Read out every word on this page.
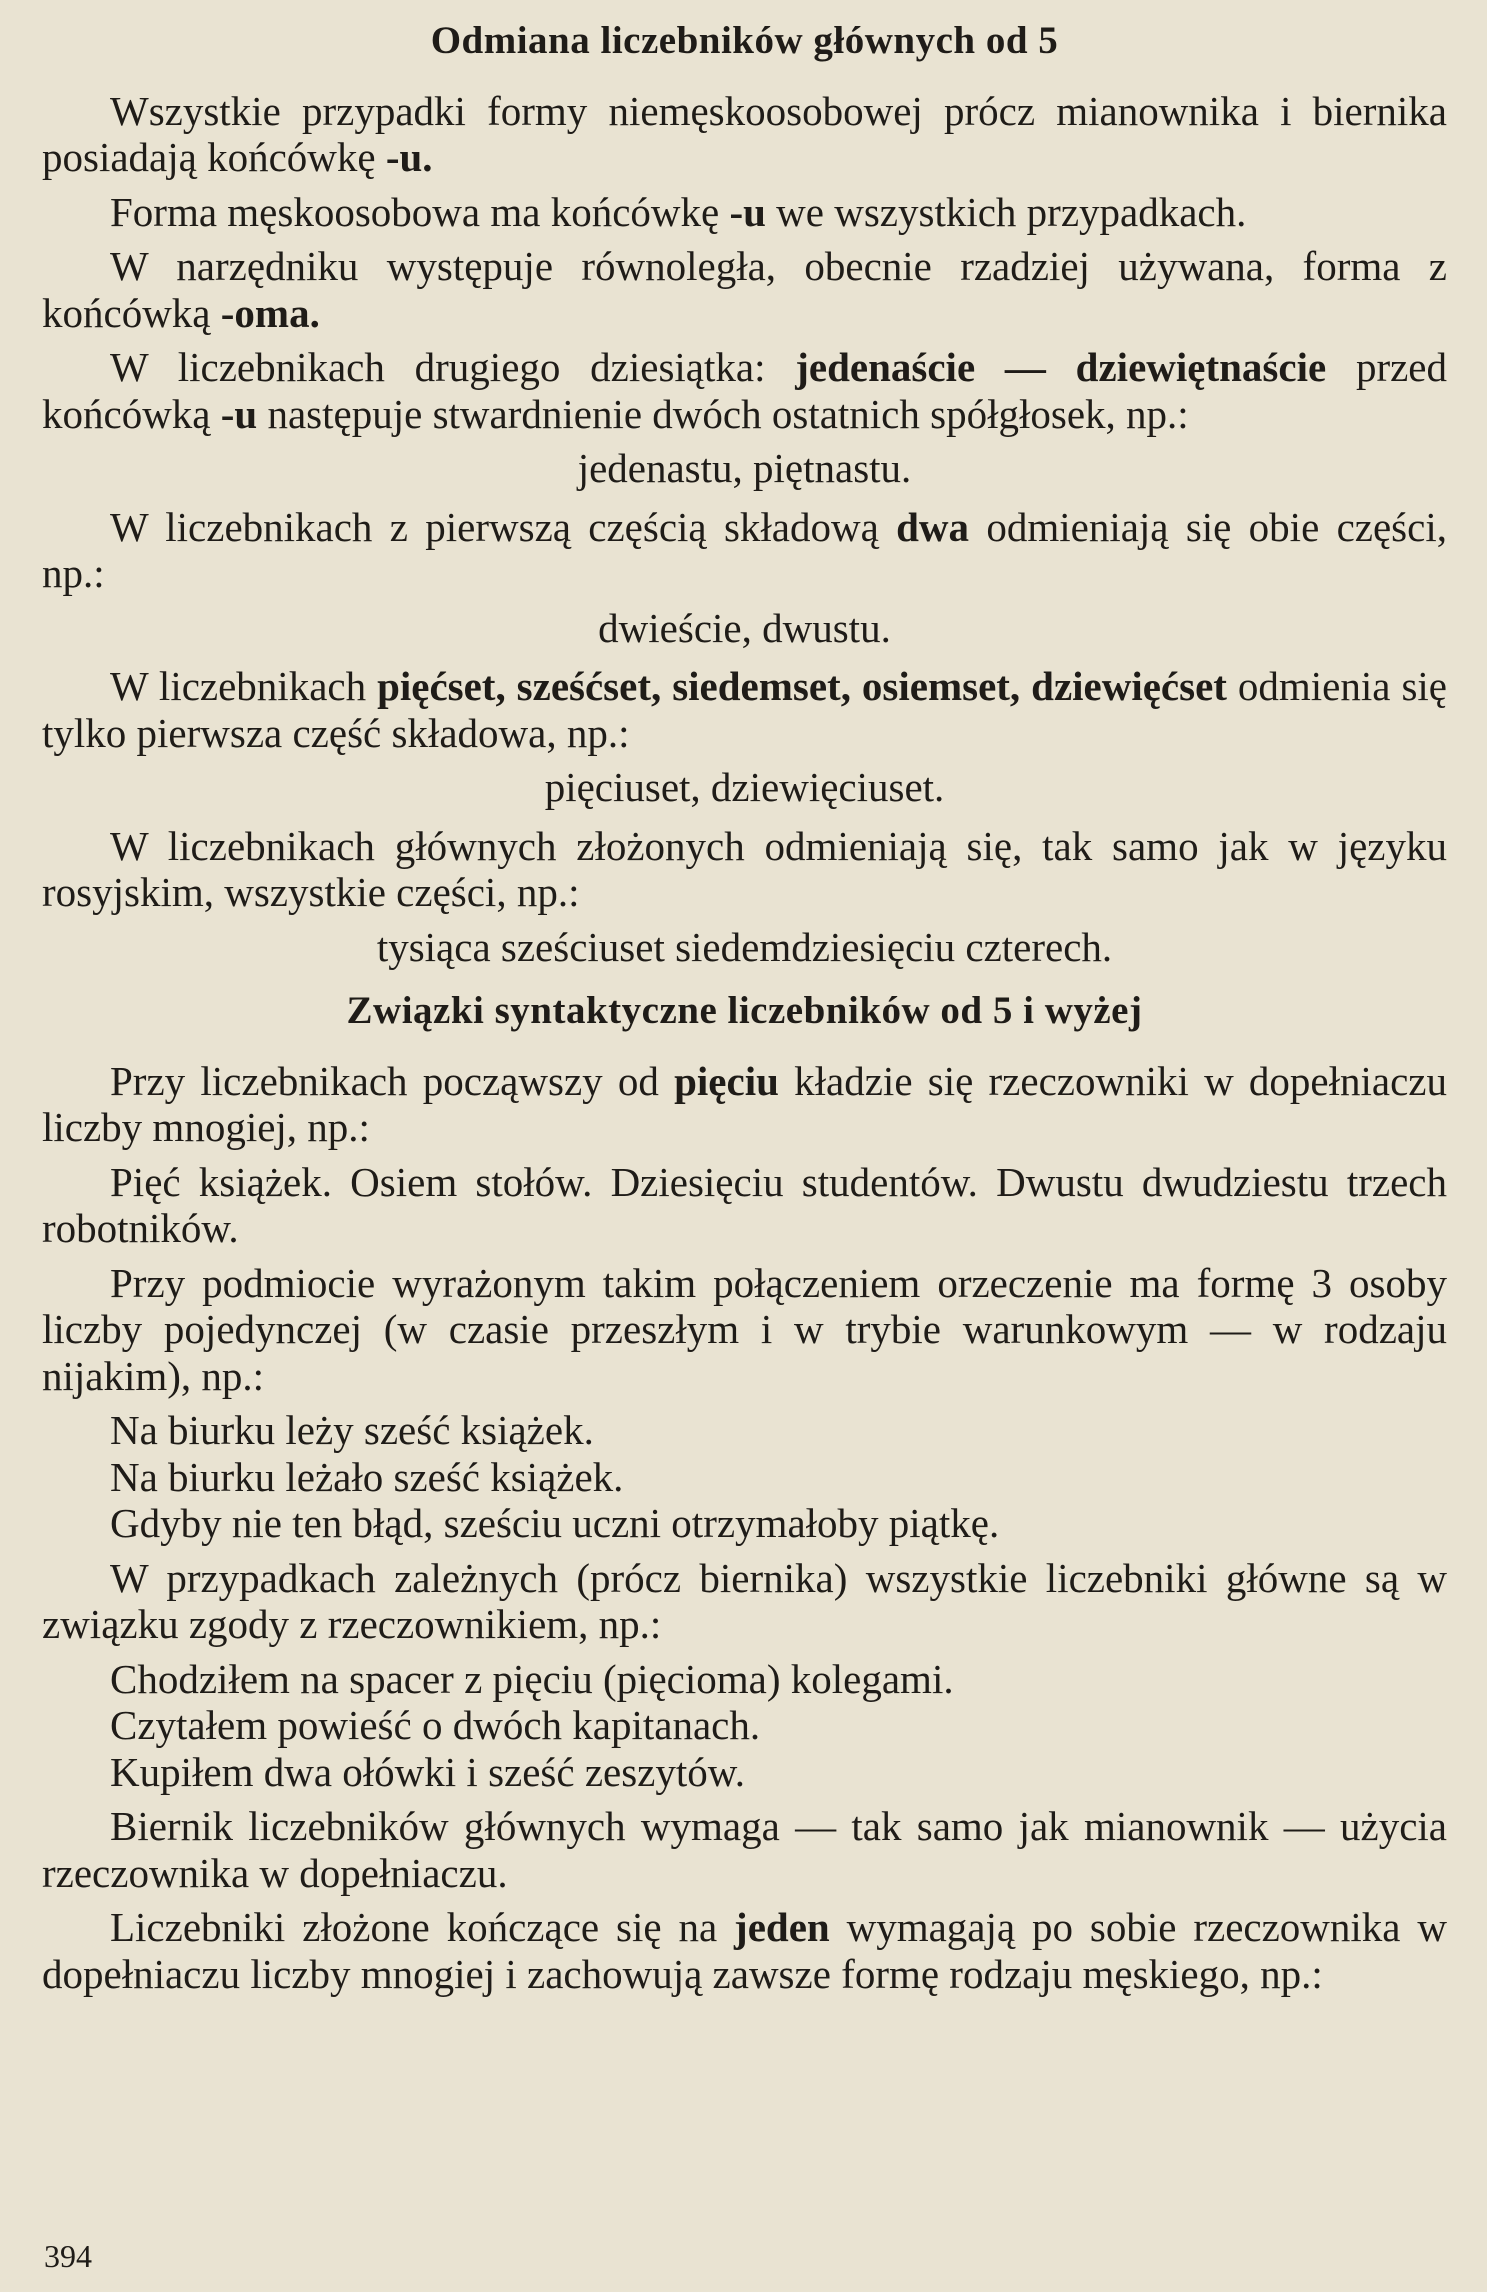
Odmiana liczebników głównych od 5

Wszystkie przypadki formy niemęskoosobowej prócz mianownika i biernika posiadają końcówkę -u.

Forma męskoosobowa ma końcówkę -u we wszystkich przypadkach.

W narzędniku występuje równoległa, obecnie rzadziej używana, forma z końcówką -oma.

W liczebnikach drugiego dziesiątka: jedenaście — dziewiętnaście przed końcówką -u następuje stwardnienie dwóch ostatnich spółgłosek, np.:

jedenastu, piętnastu.

W liczebnikach z pierwszą częścią składową dwa odmieniają się obie części, np.:

dwieście, dwustu.

W liczebnikach pięćset, sześćset, siedemset, osiemset, dziewięćset odmienia się tylko pierwsza część składowa, np.:

pięciuset, dziewięciuset.

W liczebnikach głównych złożonych odmieniają się, tak samo jak w języku rosyjskim, wszystkie części, np.:

tysiąca sześciuset siedemdziesięciu czterech.
Związki syntaktyczne liczebników od 5 i wyżej

Przy liczebnikach począwszy od pięciu kładzie się rzeczowniki w dopełniaczu liczby mnogiej, np.:

Pięć książek. Osiem stołów. Dziesięciu studentów. Dwustu dwudziestu trzech robotników.

Przy podmiocie wyrażonym takim połączeniem orzeczenie ma formę 3 osoby liczby pojedynczej (w czasie przeszłym i w trybie warunkowym — w rodzaju nijakim), np.:

Na biurku leży sześć książek.
Na biurku leżało sześć książek.
Gdyby nie ten błąd, sześciu uczni otrzymałoby piątkę.

W przypadkach zależnych (prócz biernika) wszystkie liczebniki główne są w związku zgody z rzeczownikiem, np.:

Chodziłem na spacer z pięciu (pięcioma) kolegami.
Czytałem powieść o dwóch kapitanach.
Kupiłem dwa ołówki i sześć zeszytów.

Biernik liczebników głównych wymaga — tak samo jak mianownik — użycia rzeczownika w dopełniaczu.

Liczebniki złożone kończące się na jeden wymagają po sobie rzeczownika w dopełniaczu liczby mnogiej i zachowują zawsze formę rodzaju męskiego, np.:

394
